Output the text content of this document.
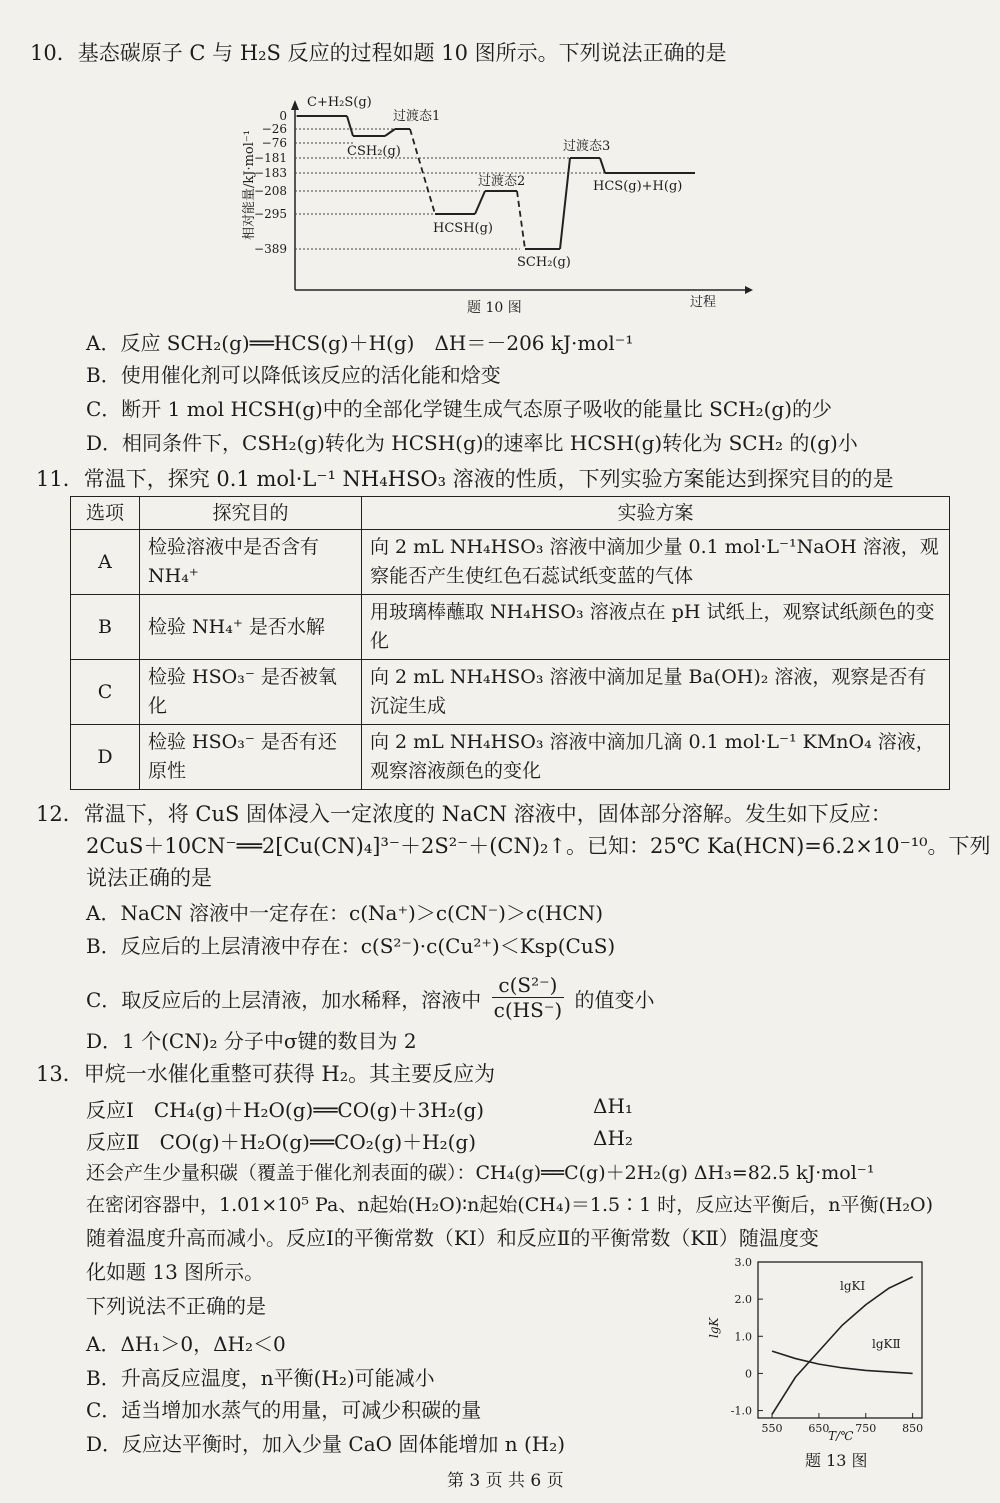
10．基态碳原子 C 与 H₂S 反应的过程如题 10 图所示。下列说法正确的是
相对能量/kJ·mol⁻¹
0
−26
−76
−181
−183
−208
−295
−389
C+H₂S(g)
CSH₂(g)
过渡态1
HCSH(g)
过渡态2
SCH₂(g)
过渡态3
HCS(g)+H(g)
题 10 图	过程
A．反应 SCH₂(g)══HCS(g)＋H(g)　ΔH＝－206 kJ·mol⁻¹
B．使用催化剂可以降低该反应的活化能和焓变
C．断开 1 mol HCSH(g)中的全部化学键生成气态原子吸收的能量比 SCH₂(g)的少
D．相同条件下，CSH₂(g)转化为 HCSH(g)的速率比 HCSH(g)转化为 SCH₂ 的(g)小
11．常温下，探究 0.1 mol·L⁻¹ NH₄HSO₃ 溶液的性质，下列实验方案能达到探究目的的是
选项	探究目的	实验方案
A	检验溶液中是否含有 NH₄⁺	向 2 mL NH₄HSO₃ 溶液中滴加少量 0.1 mol·L⁻¹NaOH 溶液，观察能否产生使红色石蕊试纸变蓝的气体
B	检验 NH₄⁺ 是否水解	用玻璃棒蘸取 NH₄HSO₃ 溶液点在 pH 试纸上，观察试纸颜色的变化
C	检验 HSO₃⁻ 是否被氧化	向 2 mL NH₄HSO₃ 溶液中滴加足量 Ba(OH)₂ 溶液，观察是否有沉淀生成
D	检验 HSO₃⁻ 是否有还原性	向 2 mL NH₄HSO₃ 溶液中滴加几滴 0.1 mol·L⁻¹ KMnO₄ 溶液，观察溶液颜色的变化
12．常温下，将 CuS 固体浸入一定浓度的 NaCN 溶液中，固体部分溶解。发生如下反应：
2CuS＋10CN⁻══2[Cu(CN)₄]³⁻＋2S²⁻＋(CN)₂↑。已知：25℃ Ka(HCN)=6.2×10⁻¹⁰。下列
说法正确的是
A．NaCN 溶液中一定存在：c(Na⁺)＞c(CN⁻)＞c(HCN)
B．反应后的上层清液中存在：c(S²⁻)·c(Cu²⁺)＜Ksp(CuS)
C．取反应后的上层清液，加水稀释，溶液中 $\frac{\text{c(S²⁻)}}{c(HS^-)}$ 的值变小
D．1 个(CN)₂ 分子中σ键的数目为 2
13．甲烷一水催化重整可获得 H₂。其主要反应为
反应Ⅰ　CH₄(g)＋H₂O(g)══CO(g)＋3H₂(g)	ΔH₁
反应Ⅱ　CO(g)＋H₂O(g)══CO₂(g)＋H₂(g)	ΔH₂
还会产生少量积碳（覆盖于催化剂表面的碳）：CH₄(g)══C(g)＋2H₂(g) ΔH₃=82.5 kJ·mol⁻¹
在密闭容器中，1.01×10⁵ Pa、n起始(H₂O)∶n起始(CH₄)＝1.5∶1 时，反应达平衡后，n平衡(H₂O)
随着温度升高而减小。反应Ⅰ的平衡常数（KⅠ）和反应Ⅱ的平衡常数（KⅡ）随温度变
化如题 13 图所示。
下列说法不正确的是
A．ΔH₁＞0，ΔH₂＜0
B．升高反应温度，n平衡(H₂)可能减小
C．适当增加水蒸气的用量，可减少积碳的量
D．反应达平衡时，加入少量 CaO 固体能增加 n (H₂)
3.0
2.0
1.0
0
-1.0
550 650 750 850
lgK
T/℃
lgKⅠ
lgKⅡ
题 13 图
第 3 页 共 6 页
